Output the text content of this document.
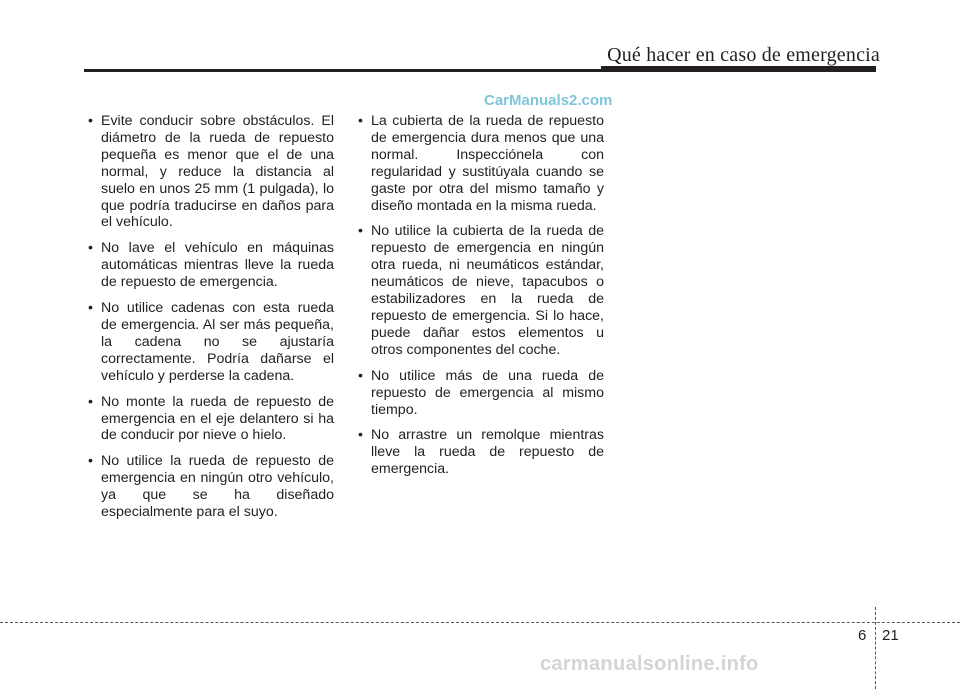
Qué hacer en caso de emergencia
CarManuals2.com
• Evite conducir sobre obstáculos. El diámetro de la rueda de repuesto pequeña es menor que el de una normal, y reduce la distancia al suelo en unos 25 mm (1 pulgada), lo que podría traducirse en daños para el vehículo.
• No lave el vehículo en máquinas automáticas mientras lleve la rueda de repuesto de emergencia.
• No utilice cadenas con esta rueda de emergencia. Al ser más pequeña, la cadena no se ajustaría correctamente. Podría dañarse el vehículo y perderse la cadena.
• No monte la rueda de repuesto de emergencia en el eje delantero si ha de conducir por nieve o hielo.
• No utilice la rueda de repuesto de emergencia en ningún otro vehículo, ya que se ha diseñado especialmente para el suyo.
• La cubierta de la rueda de repuesto de emergencia dura menos que una normal. Inspecciónela con regularidad y sustitúyala cuando se gaste por otra del mismo tamaño y diseño montada en la misma rueda.
• No utilice la cubierta de la rueda de repuesto de emergencia en ningún otra rueda, ni neumáticos estándar, neumáticos de nieve, tapacubos o estabilizadores en la rueda de repuesto de emergencia. Si lo hace, puede dañar estos elementos u otros componentes del coche.
• No utilice más de una rueda de repuesto de emergencia al mismo tiempo.
• No arrastre un remolque mientras lleve la rueda de repuesto de emergencia.
6 21
carmanualsonline.info
